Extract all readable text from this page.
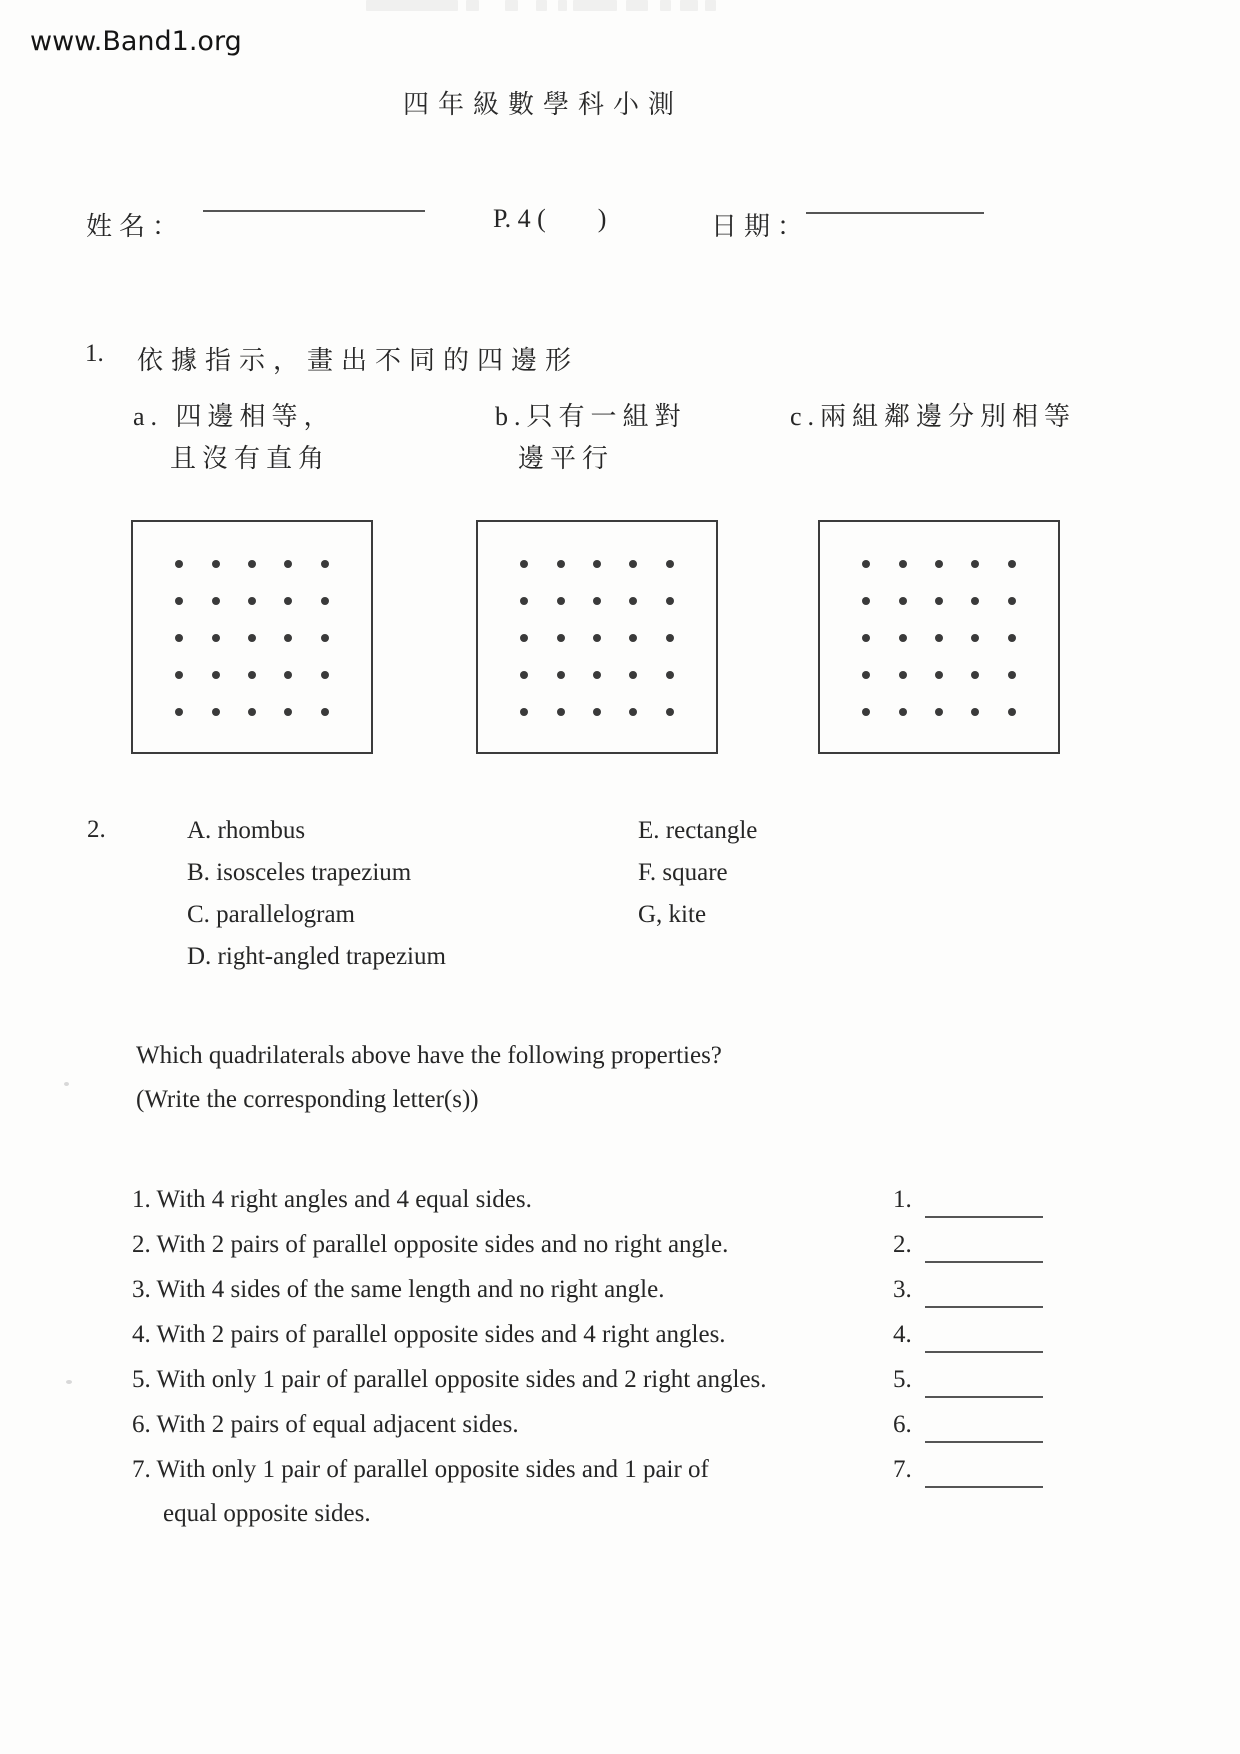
www.Band1.org
四年級數學科小測
姓名：	P. 4 (        )	日期：
1. 依據指示，畫出不同的四邊形
a. 四邊相等，
且沒有直角
b.只有一組對
邊平行
c.兩組鄰邊分別相等
2.	A. rhombus
B. isosceles trapezium
C. parallelogram
D. right-angled trapezium
E. rectangle
F. square
G, kite
Which quadrilaterals above have the following properties?
(Write the corresponding letter(s))
1. With 4 right angles and 4 equal sides.	1.
2. With 2 pairs of parallel opposite sides and no right angle.	2.
3. With 4 sides of the same length and no right angle.	3.
4. With 2 pairs of parallel opposite sides and 4 right angles.	4.
5. With only 1 pair of parallel opposite sides and 2 right angles.	5.
6. With 2 pairs of equal adjacent sides.	6.
7. With only 1 pair of parallel opposite sides and 1 pair of
equal opposite sides.
7.
